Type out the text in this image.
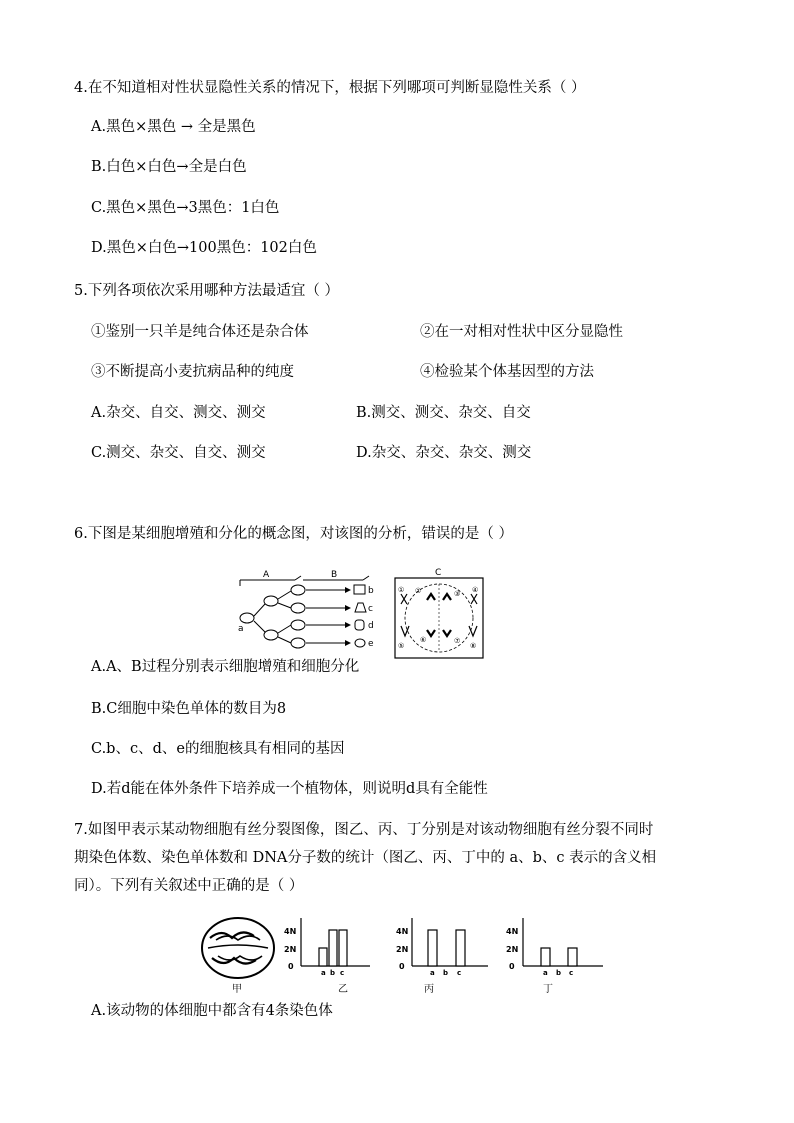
4.在不知道相对性状显隐性关系的情况下，根据下列哪项可判断显隐性关系（ ）
A.黑色×黑色 → 全是黑色
B.白色×白色→全是白色
C.黑色×黑色→3黑色：1白色
D.黑色×白色→100黑色：102白色
5.下列各项依次采用哪种方法最适宜（ ）
①鉴别一只羊是纯合体还是杂合体	②在一对相对性状中区分显隐性
③不断提高小麦抗病品种的纯度	④检验某个体基因型的方法
A.杂交、自交、测交、测交	B.测交、测交、杂交、自交
C.测交、杂交、自交、测交	D.杂交、杂交、杂交、测交
6.下图是某细胞增殖和分化的概念图，对该图的分析，错误的是（ ）
A	B
a
b
c
d
e
C
① ②	③ ④
⑤
⑥	⑦
⑧
A.A、B过程分别表示细胞增殖和细胞分化
B.C细胞中染色单体的数目为8
C.b、c、d、e的细胞核具有相同的基因
D.若d能在体外条件下培养成一个植物体，则说明d具有全能性
7.如图甲表示某动物细胞有丝分裂图像，图乙、丙、丁分别是对该动物细胞有丝分裂不同时
期染色体数、染色单体数和 DNA分子数的统计（图乙、丙、丁中的 a、b、c 表示的含义相
同）。下列有关叙述中正确的是（ ）
甲
4N
2N
0
a b c
乙
4N
2N
0
a b c
丙
4N
2N
0
a b c
丁
A.该动物的体细胞中都含有4条染色体
